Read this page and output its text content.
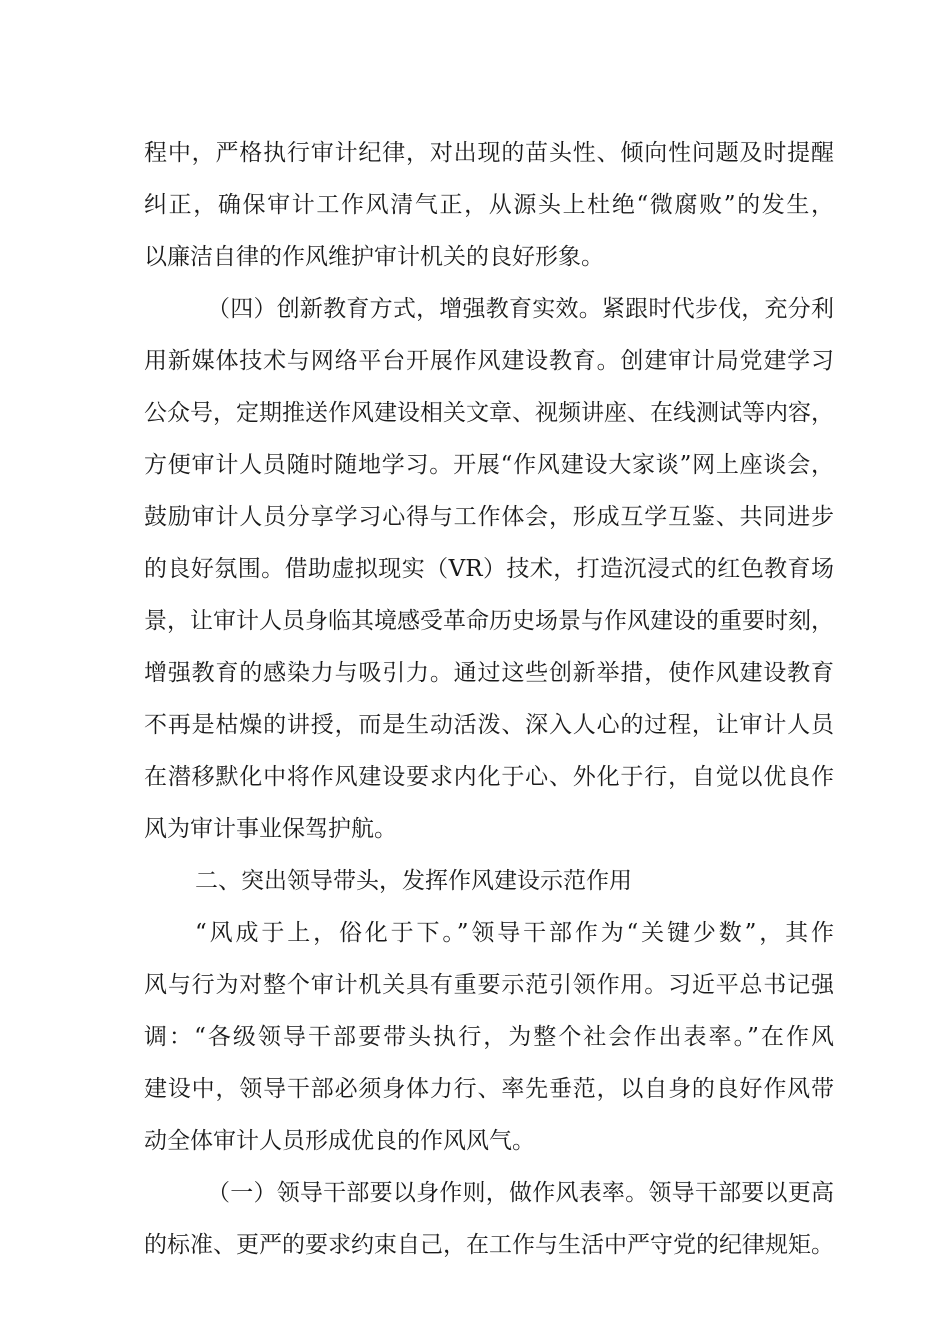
程中，严格执行审计纪律，对出现的苗头性、倾向性问题及时提醒
纠正，确保审计工作风清气正，从源头上杜绝“微腐败”的发生，
以廉洁自律的作风维护审计机关的良好形象。
（四）创新教育方式，增强教育实效。紧跟时代步伐，充分利
用新媒体技术与网络平台开展作风建设教育。创建审计局党建学习
公众号，定期推送作风建设相关文章、视频讲座、在线测试等内容，
方便审计人员随时随地学习。开展“作风建设大家谈”网上座谈会，
鼓励审计人员分享学习心得与工作体会，形成互学互鉴、共同进步
的良好氛围。借助虚拟现实（VR）技术，打造沉浸式的红色教育场
景，让审计人员身临其境感受革命历史场景与作风建设的重要时刻，
增强教育的感染力与吸引力。通过这些创新举措，使作风建设教育
不再是枯燥的讲授，而是生动活泼、深入人心的过程，让审计人员
在潜移默化中将作风建设要求内化于心、外化于行，自觉以优良作
风为审计事业保驾护航。
二、突出领导带头，发挥作风建设示范作用
“风成于上，俗化于下。”领导干部作为“关键少数”，其作
风与行为对整个审计机关具有重要示范引领作用。习近平总书记强
调：“各级领导干部要带头执行，为整个社会作出表率。”在作风
建设中，领导干部必须身体力行、率先垂范，以自身的良好作风带
动全体审计人员形成优良的作风风气。
（一）领导干部要以身作则，做作风表率。领导干部要以更高
的标准、更严的要求约束自己，在工作与生活中严守党的纪律规矩。
